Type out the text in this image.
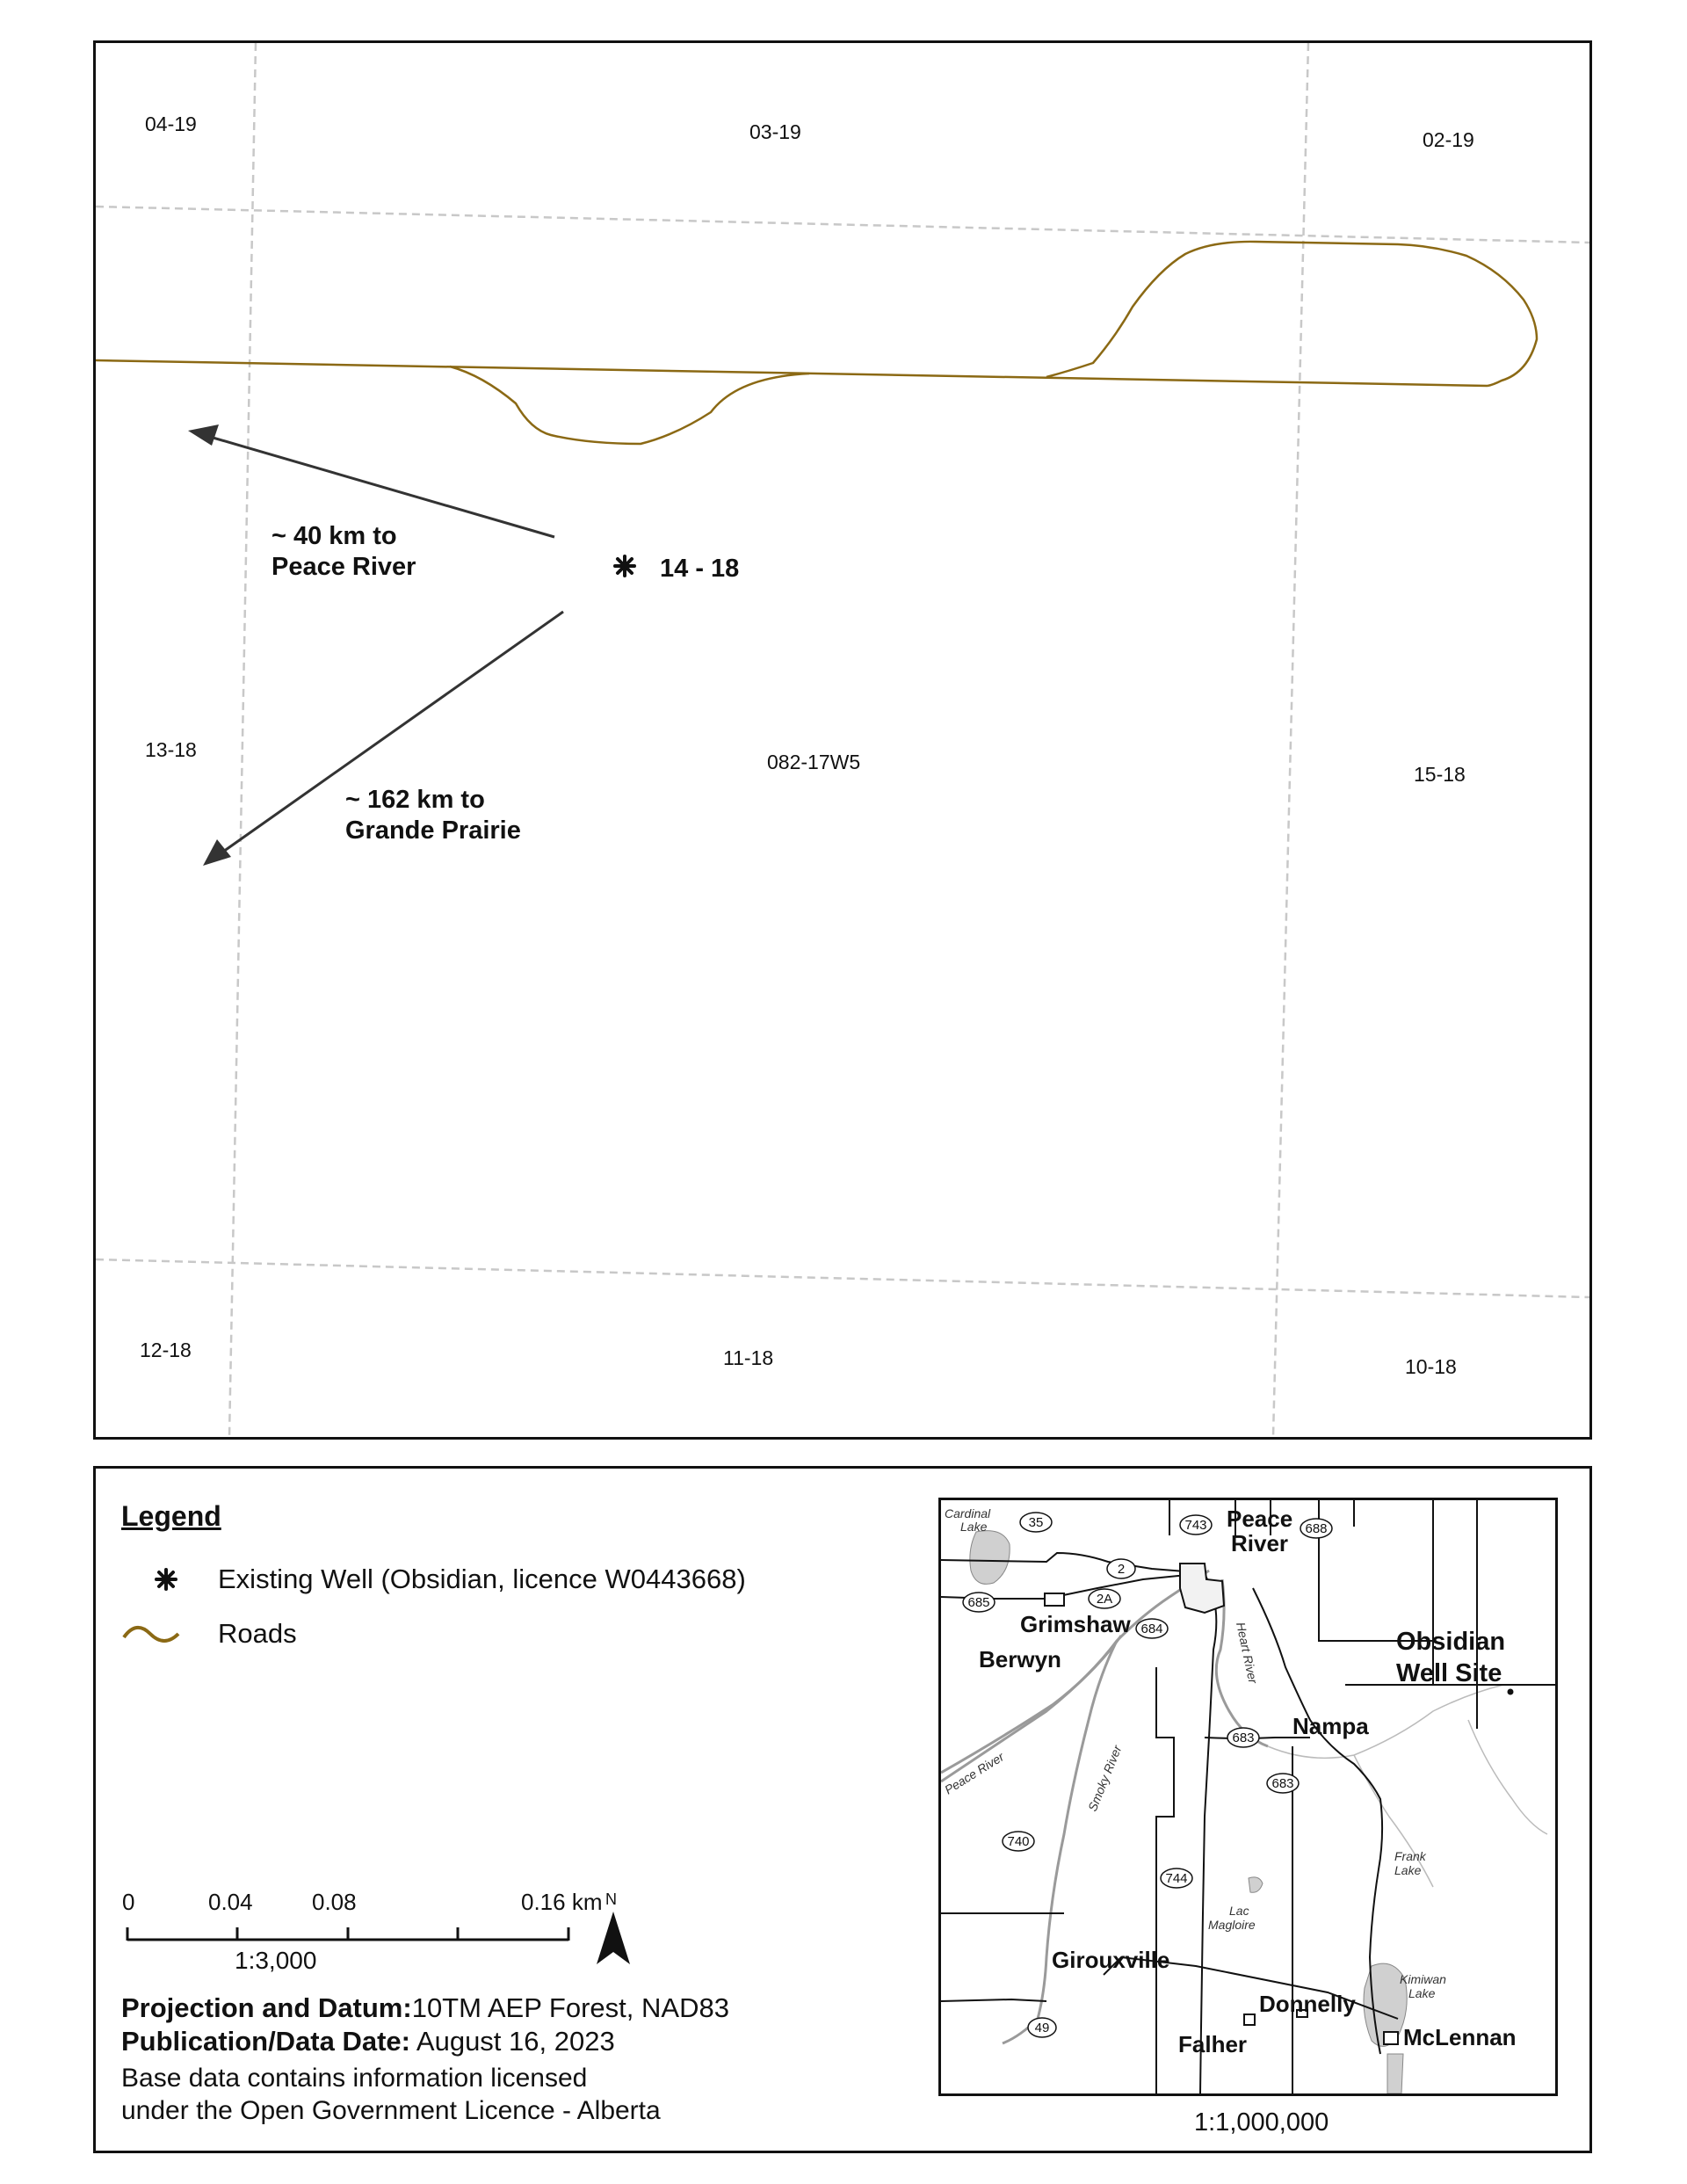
04-19	03-19	02-19
13-18
082-17W5
15-18
12-18	11-18	10-18
14 - 18
~ 40 km to
Peace River
~ 162 km to
Grande Prairie
Legend
Existing Well (Obsidian, licence W0443668)
Roads
0	0.04	0.08	0.16 km
1:3,000
N
Projection and Datum:10TM AEP Forest, NAD83
Publication/Data Date: August 16, 2023
Base data contains information licensed
under the Open Government Licence - Alberta
35	743	688
2
2A
684
685
683
683
740
744
49
Peace
River
Grimshaw
Berwyn
Obsidian
Well Site
Nampa
Girouxville
Donnelly
Falher	McLennan
Cardinal
Lake
Frank
Lake
Lac
Magloire
Kimiwan
Lake
Heart River
Peace River	Smoky River
1:1,000,000
